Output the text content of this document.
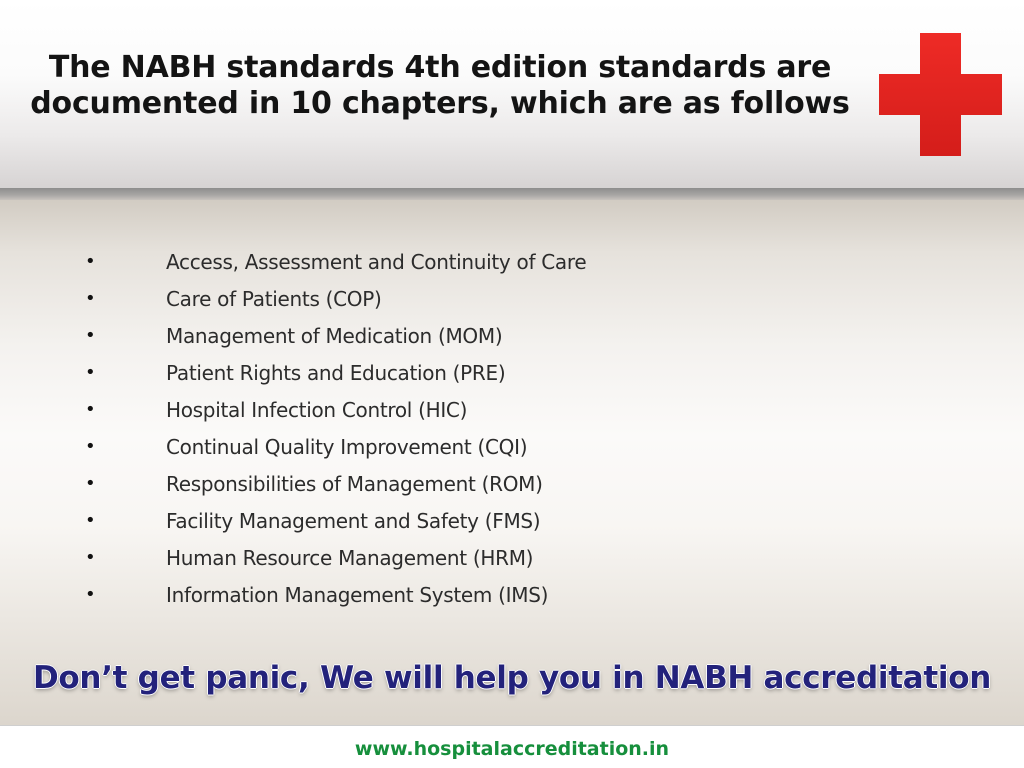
The NABH standards 4th edition standards are
documented in 10 chapters, which are as follows
•	Access, Assessment and Continuity of Care
•	Care of Patients (COP)
•	Management of Medication (MOM)
•	Patient Rights and Education (PRE)
•	Hospital Infection Control (HIC)
•	Continual Quality Improvement (CQI)
•	Responsibilities of Management (ROM)
•	Facility Management and Safety (FMS)
•	Human Resource Management (HRM)
•	Information Management System (IMS)

Don’t get panic, We will help you in NABH accreditation

www.hospitalaccreditation.in
